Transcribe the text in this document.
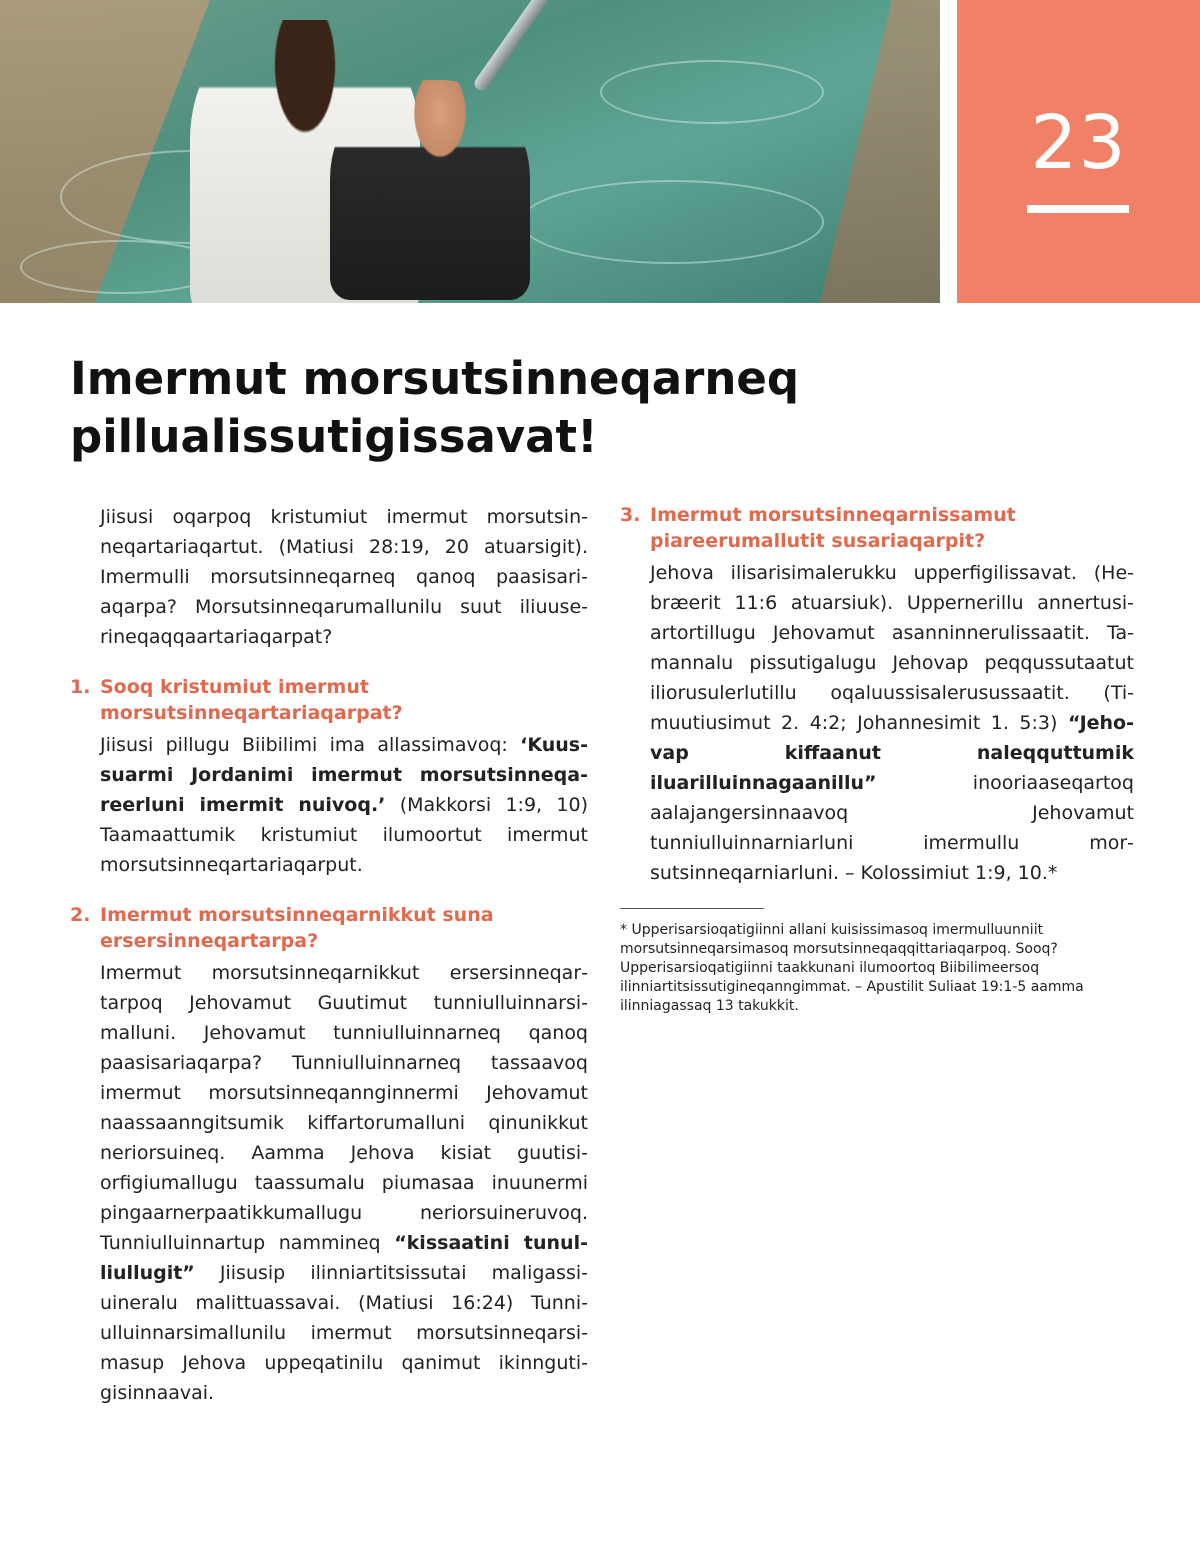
23
Imermut morsutsinneqarneq
pillualissutigissavat!

Jiisusi oqarpoq kristumiut imermut morsutsinneqartariaqartut. (Matiusi 28:19, 20 atuarsigit). Imermulli morsutsinneqarneq qanoq paasisariaqarpa? Morsutsinneqarumallunilu suut iliuuserineqaqqaartariaqarpat?

1. Sooq kristumiut imermut morsutsinneqartariaqarpat?

Jiisusi pillugu Biibilimi ima allassimavoq: ‘Kuussuarmi Jordanimi imermut morsutsinneqareerluni imermit nuivoq.’ (Makkorsi 1:9, 10) Taamaattumik kristumiut ilumoortut imermut morsutsinneqartariaqarput.

2. Imermut morsutsinneqarnikkut suna ersersinneqartarpa?

Imermut morsutsinneqarnikkut ersersinneqartarpoq Jehovamut Guutimut tunniulluinnarsimalluni. Jehovamut tunniulluinnarneq qanoq paasisariaqarpa? Tunniulluinnarneq tassaavoq imermut morsutsinneqannginnermi Jehovamut naassaanngitsumik kiffartorumalluni qinunikkut neriorsuineq. Aamma Jehova kisiat guutisiorfigiumallugu taassumalu piumasaa inuunermi pingaarnerpaatikkumallugu neriorsuineruvoq. Tunniulluinnartup nammineq “kissaatini tunulliullugit” Jiisusip ilinniartitsissutai maligassiuineralu malittuassavai. (Matiusi 16:24) Tunniulluinnarsimallunilu imermut morsutsinneqarsimasup Jehova uppeqatinilu qanimut ikinngutigisinnaavai.

3. Imermut morsutsinneqarnissamut piareerumallutit susariaqarpit?

Jehova ilisarisimalerukku upperfigilissavat. (Hebræerit 11:6 atuarsiuk). Uppernerillu annertusiartortillugu Jehovamut asanninnerulissaatit. Tamannalu pissutigalugu Jehovap peqqussutaatut iliorusulerlutillu oqaluussisalerusussaatit. (Timuutiusimut 2. 4:2; Johannesimit 1. 5:3) “Jehovap kiffaanut naleqquttumik iluarilluinnagaanillu” inooriaaseqartoq aalajangersinnaavoq Jehovamut tunniulluinnarniarluni imermullu morsutsinneqarniarluni. – Kolossimiut 1:9, 10.*

* Upperisarsioqatigiinni allani kuisissimasoq imermulluunniit morsutsinneqarsimasoq morsutsinneqaqqittariaqarpoq. Sooq? Upperisarsioqatigiinni taakkunani ilumoortoq Biibilimeersoq ilinniartitsissutigineqanngimmat. – Apustilit Suliaat 19:1-5 aamma ilinniagassaq 13 takukkit.
